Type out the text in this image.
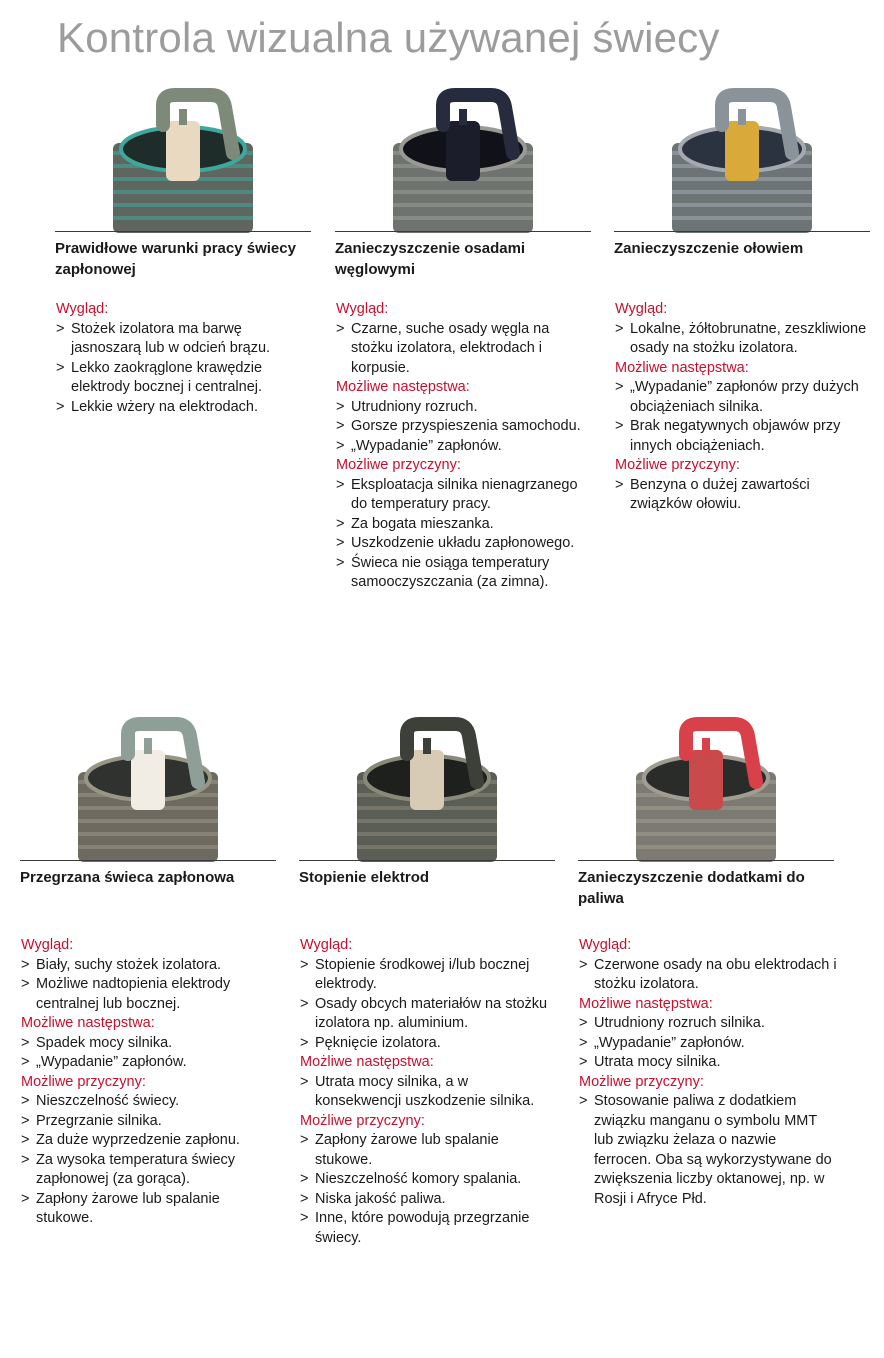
Kontrola wizualna używanej świecy
Prawidłowe warunki pracy świecy zapłonowej
Wygląd:
> Stożek izolatora ma barwę jasnoszarą lub w odcień brązu.
> Lekko zaokrąglone krawędzie elektrody bocznej i centralnej.
> Lekkie wżery na elektrodach.
Zanieczyszczenie osadami węglowymi
Wygląd:
> Czarne, suche osady węgla na stożku izolatora, elektrodach i korpusie.
Możliwe następstwa:
> Utrudniony rozruch.
> Gorsze przyspieszenia samochodu.
> „Wypadanie” zapłonów.
Możliwe przyczyny:
> Eksploatacja silnika nienagrzanego do temperatury pracy.
> Za bogata mieszanka.
> Uszkodzenie układu zapłonowego.
> Świeca nie osiąga temperatury samooczyszczania (za zimna).
Zanieczyszczenie ołowiem
Wygląd:
> Lokalne, żółtobrunatne, zeszkliwione osady na stożku izolatora.
Możliwe następstwa:
> „Wypadanie” zapłonów przy dużych obciążeniach silnika.
> Brak negatywnych objawów przy innych obciążeniach.
Możliwe przyczyny:
> Benzyna o dużej zawartości związków ołowiu.
Przegrzana świeca zapłonowa
Wygląd:
> Biały, suchy stożek izolatora.
> Możliwe nadtopienia elektrody centralnej lub bocznej.
Możliwe następstwa:
> Spadek mocy silnika.
> „Wypadanie” zapłonów.
Możliwe przyczyny:
> Nieszczelność świecy.
> Przegrzanie silnika.
> Za duże wyprzedzenie zapłonu.
> Za wysoka temperatura świecy zapłonowej (za gorąca).
> Zapłony żarowe lub spalanie stukowe.
Stopienie elektrod
Wygląd:
> Stopienie środkowej i/lub bocznej elektrody.
> Osady obcych materiałów na stożku izolatora np. aluminium.
> Pęknięcie izolatora.
Możliwe następstwa:
> Utrata mocy silnika, a w konsekwencji uszkodzenie silnika.
Możliwe przyczyny:
> Zapłony żarowe lub spalanie stukowe.
> Nieszczelność komory spalania.
> Niska jakość paliwa.
> Inne, które powodują przegrzanie świecy.
Zanieczyszczenie dodatkami do paliwa
Wygląd:
> Czerwone osady na obu elektrodach i stożku izolatora.
Możliwe następstwa:
> Utrudniony rozruch silnika.
> „Wypadanie” zapłonów.
> Utrata mocy silnika.
Możliwe przyczyny:
> Stosowanie paliwa z dodatkiem związku manganu o symbolu MMT lub związku żelaza o nazwie ferrocen. Oba są wykorzystywane do zwiększenia liczby oktanowej, np. w Rosji i Afryce Płd.
